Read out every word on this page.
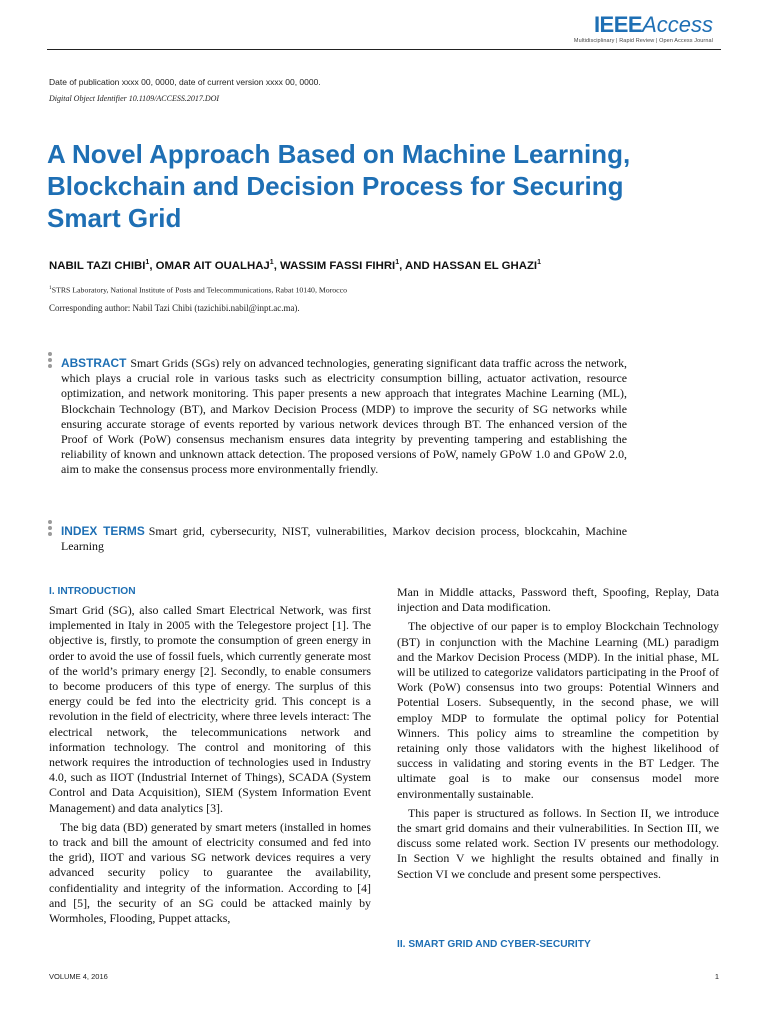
IEEEAccess
Multidisciplinary | Rapid Review | Open Access Journal
Date of publication xxxx 00, 0000, date of current version xxxx 00, 0000.
Digital Object Identifier 10.1109/ACCESS.2017.DOI
A Novel Approach Based on Machine Learning, Blockchain and Decision Process for Securing Smart Grid
NABIL TAZI CHIBI$^1$, OMAR AIT OUALHAJ$^1$, WASSIM FASSI FIHRI$^1$, AND HASSAN EL GHAZI$^1$
$^1$STRS Laboratory, National Institute of Posts and Telecommunications, Rabat 10140, Morocco
Corresponding author: Nabil Tazi Chibi (tazichibi.nabil@inpt.ac.ma).

ABSTRACT Smart Grids (SGs) rely on advanced technologies, generating significant data traffic across the network, which plays a crucial role in various tasks such as electricity consumption billing, actuator activation, resource optimization, and network monitoring. This paper presents a new approach that integrates Machine Learning (ML), Blockchain Technology (BT), and Markov Decision Process (MDP) to improve the security of SG networks while ensuring accurate storage of events reported by various network devices through BT. The enhanced version of the Proof of Work (PoW) consensus mechanism ensures data integrity by preventing tampering and establishing the reliability of known and unknown attack detection. The proposed versions of PoW, namely GPoW 1.0 and GPoW 2.0, aim to make the consensus process more environmentally friendly.

INDEX TERMS Smart grid, cybersecurity, NIST, vulnerabilities, Markov decision process, blockcahin, Machine Learning

I. INTRODUCTION

Smart Grid (SG), also called Smart Electrical Network, was first implemented in Italy in 2005 with the Telegestore project [1]. The objective is, firstly, to promote the consumption of green energy in order to avoid the use of fossil fuels, which currently generate most of the world’s primary energy [2]. Secondly, to enable consumers to become producers of this type of energy. The surplus of this energy could be fed into the electricity grid. This concept is a revolution in the field of electricity, where three levels interact: The electrical network, the telecommunications network and information technology. The control and monitoring of this network requires the introduction of technologies used in Industry 4.0, such as IIOT (Industrial Internet of Things), SCADA (System Control and Data Acquisition), SIEM (System Information Event Management) and data analytics [3].

The big data (BD) generated by smart meters (installed in homes to track and bill the amount of electricity consumed and fed into the grid), IIOT and various SG network devices requires a very advanced security policy to guarantee the availability, confidentiality and integrity of the information. According to [4] and [5], the security of an SG could be attacked mainly by Wormholes, Flooding, Puppet attacks,

Man in Middle attacks, Password theft, Spoofing, Replay, Data injection and Data modification.

The objective of our paper is to employ Blockchain Technology (BT) in conjunction with the Machine Learning (ML) paradigm and the Markov Decision Process (MDP). In the initial phase, ML will be utilized to categorize validators participating in the Proof of Work (PoW) consensus into two groups: Potential Winners and Potential Losers. Subsequently, in the second phase, we will employ MDP to formulate the optimal policy for Potential Winners. This policy aims to streamline the competition by retaining only those validators with the highest likelihood of success in validating and storing events in the BT Ledger. The ultimate goal is to make our consensus model more environmentally sustainable.

This paper is structured as follows. In Section II, we introduce the smart grid domains and their vulnerabilities. In Section III, we discuss some related work. Section IV presents our methodology. In Section V we highlight the results obtained and finally in Section VI we conclude and present some perspectives.

II. SMART GRID AND CYBER-SECURITY
VOLUME 4, 2016	1
